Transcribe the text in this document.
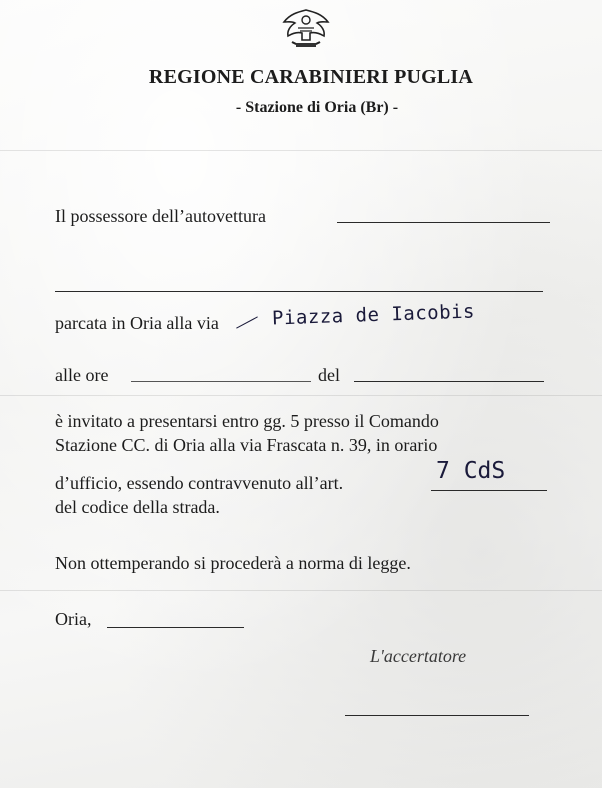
REGIONE CARABINIERI PUGLIA
- Stazione di Oria (Br) -
Il possessore dell’autovettura
parcata in Oria alla via	Piazza de Iacobis
alle ore	del
è invitato a presentarsi entro gg. 5 presso il Comando
Stazione CC. di Oria alla via Frascata n. 39, in orario
d’ufficio, essendo contravvenuto all’art.	7 CdS
del codice della strada.
Non ottemperando si procederà a norma di legge.
Oria,
L'accertatore
